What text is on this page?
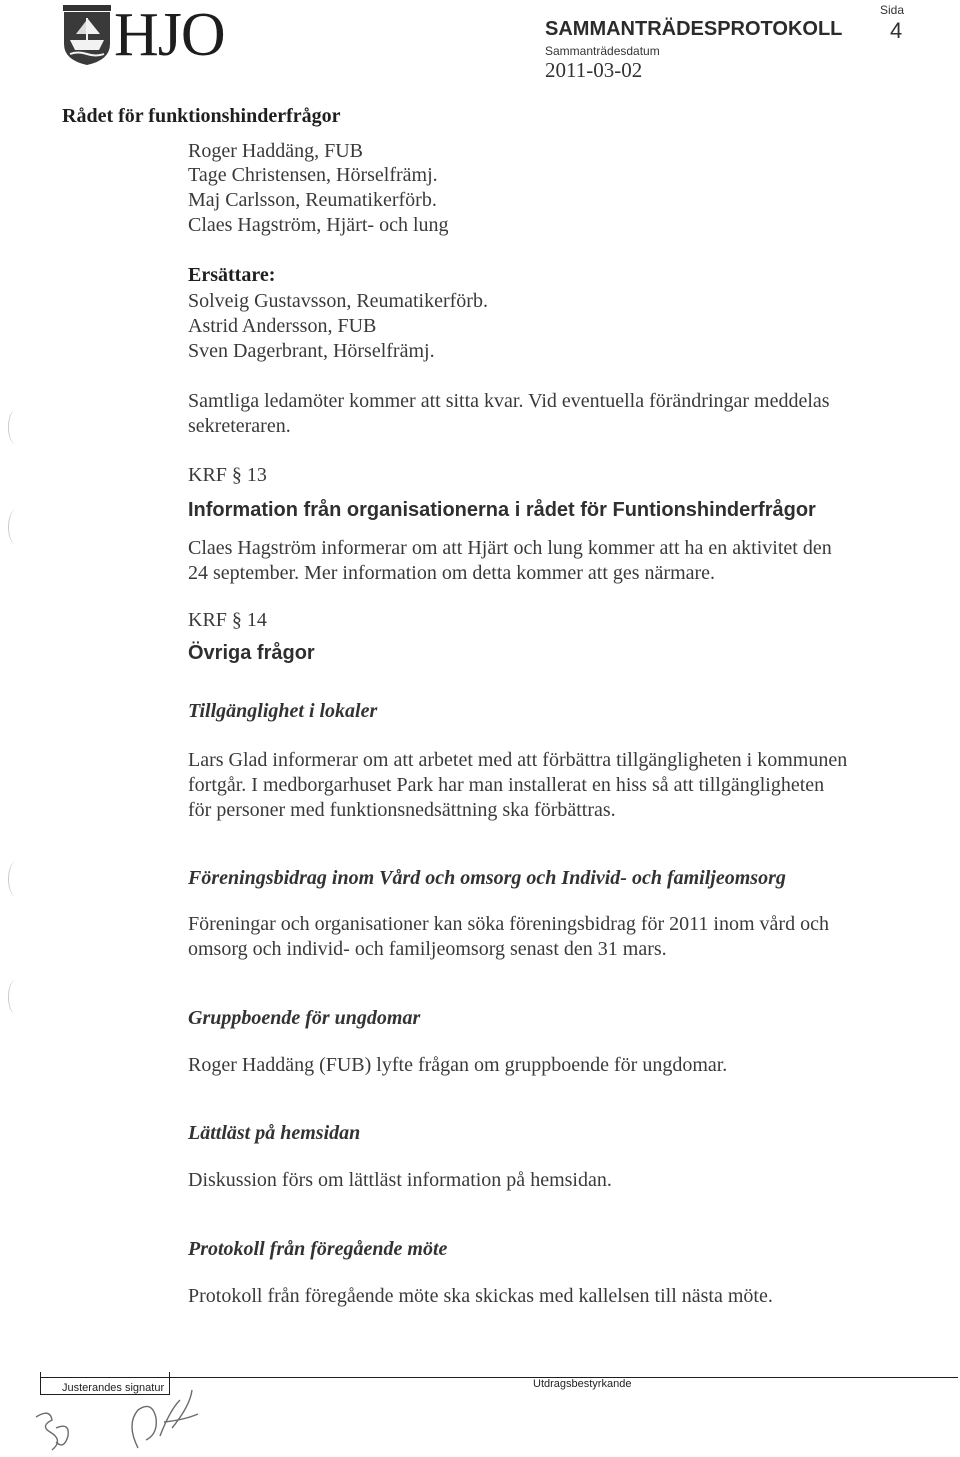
HJO	SAMMANTRÄDESPROTOKOLL
Sida
4
Sammanträdesdatum
2011-03-02
Rådet för funktionshinderfrågor
Roger Haddäng, FUB
Tage Christensen, Hörselfrämj.
Maj Carlsson, Reumatikerförb.
Claes Hagström, Hjärt- och lung
Ersättare:
Solveig Gustavsson, Reumatikerförb.
Astrid Andersson, FUB
Sven Dagerbrant, Hörselfrämj.
Samtliga ledamöter kommer att sitta kvar. Vid eventuella förändringar meddelas
sekreteraren.
KRF § 13
Information från organisationerna i rådet för Funtionshinderfrågor
Claes Hagström informerar om att Hjärt och lung kommer att ha en aktivitet den
24 september. Mer information om detta kommer att ges närmare.
KRF § 14
Övriga frågor
Tillgänglighet i lokaler
Lars Glad informerar om att arbetet med att förbättra tillgängligheten i kommunen
fortgår. I medborgarhuset Park har man installerat en hiss så att tillgängligheten
för personer med funktionsnedsättning ska förbättras.
Föreningsbidrag inom Vård och omsorg och Individ- och familjeomsorg
Föreningar och organisationer kan söka föreningsbidrag för 2011 inom vård och
omsorg och individ- och familjeomsorg senast den 31 mars.
Gruppboende för ungdomar
Roger Haddäng (FUB) lyfte frågan om gruppboende för ungdomar.
Lättläst på hemsidan
Diskussion förs om lättläst information på hemsidan.
Protokoll från föregående möte
Protokoll från föregående möte ska skickas med kallelsen till nästa möte.
Justerandes signatur	Utdragsbestyrkande
